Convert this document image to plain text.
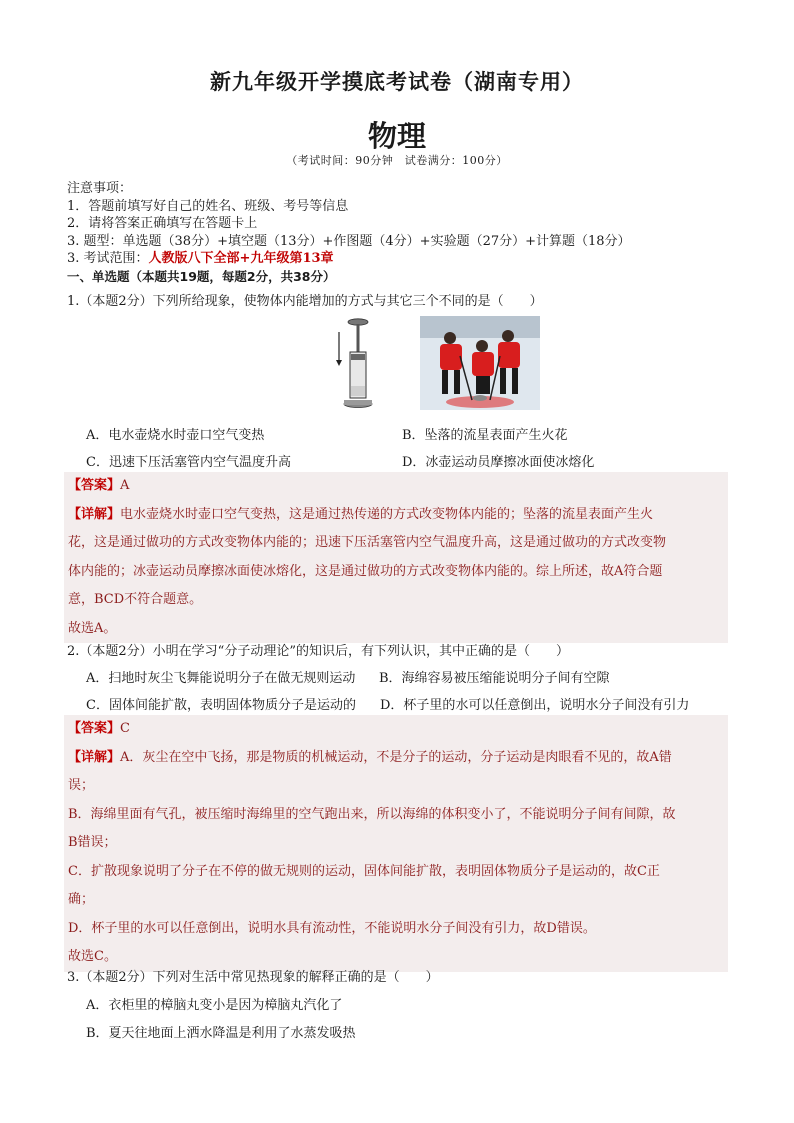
新九年级开学摸底考试卷（湖南专用）
物理
（考试时间：90分钟　试卷满分：100分）
注意事项：
1．答题前填写好自己的姓名、班级、考号等信息
2．请将答案正确填写在答题卡上
3. 题型：单选题（38分）+填空题（13分）+作图题（4分）+实验题（27分）+计算题（18分）
3. 考试范围：人教版八下全部+九年级第13章
一、单选题（本题共19题，每题2分，共38分）
1.（本题2分）下列所给现象，使物体内能增加的方式与其它三个不同的是（　　）
A．电水壶烧水时壶口空气变热	B．坠落的流星表面产生火花
C．迅速下压活塞管内空气温度升高	D．冰壶运动员摩擦冰面使冰熔化
【答案】A
【详解】电水壶烧水时壶口空气变热，这是通过热传递的方式改变物体内能的；坠落的流星表面产生火
花，这是通过做功的方式改变物体内能的；迅速下压活塞管内空气温度升高，这是通过做功的方式改变物
体内能的；冰壶运动员摩擦冰面使冰熔化，这是通过做功的方式改变物体内能的。综上所述，故A符合题
意，BCD不符合题意。
故选A。
2.（本题2分）小明在学习“分子动理论”的知识后，有下列认识，其中正确的是（　　）
A．扫地时灰尘飞舞能说明分子在做无规则运动 B．海绵容易被压缩能说明分子间有空隙
C．固体间能扩散，表明固体物质分子是运动的 D．杯子里的水可以任意倒出，说明水分子间没有引力
【答案】C
【详解】A．灰尘在空中飞扬，那是物质的机械运动，不是分子的运动，分子运动是肉眼看不见的，故A错
误；
B．海绵里面有气孔，被压缩时海绵里的空气跑出来，所以海绵的体积变小了，不能说明分子间有间隙，故
B错误；
C．扩散现象说明了分子在不停的做无规则的运动，固体间能扩散，表明固体物质分子是运动的，故C正
确；
D．杯子里的水可以任意倒出，说明水具有流动性，不能说明水分子间没有引力，故D错误。
故选C。
3.（本题2分）下列对生活中常见热现象的解释正确的是（　　）
A．衣柜里的樟脑丸变小是因为樟脑丸汽化了
B．夏天往地面上洒水降温是利用了水蒸发吸热
